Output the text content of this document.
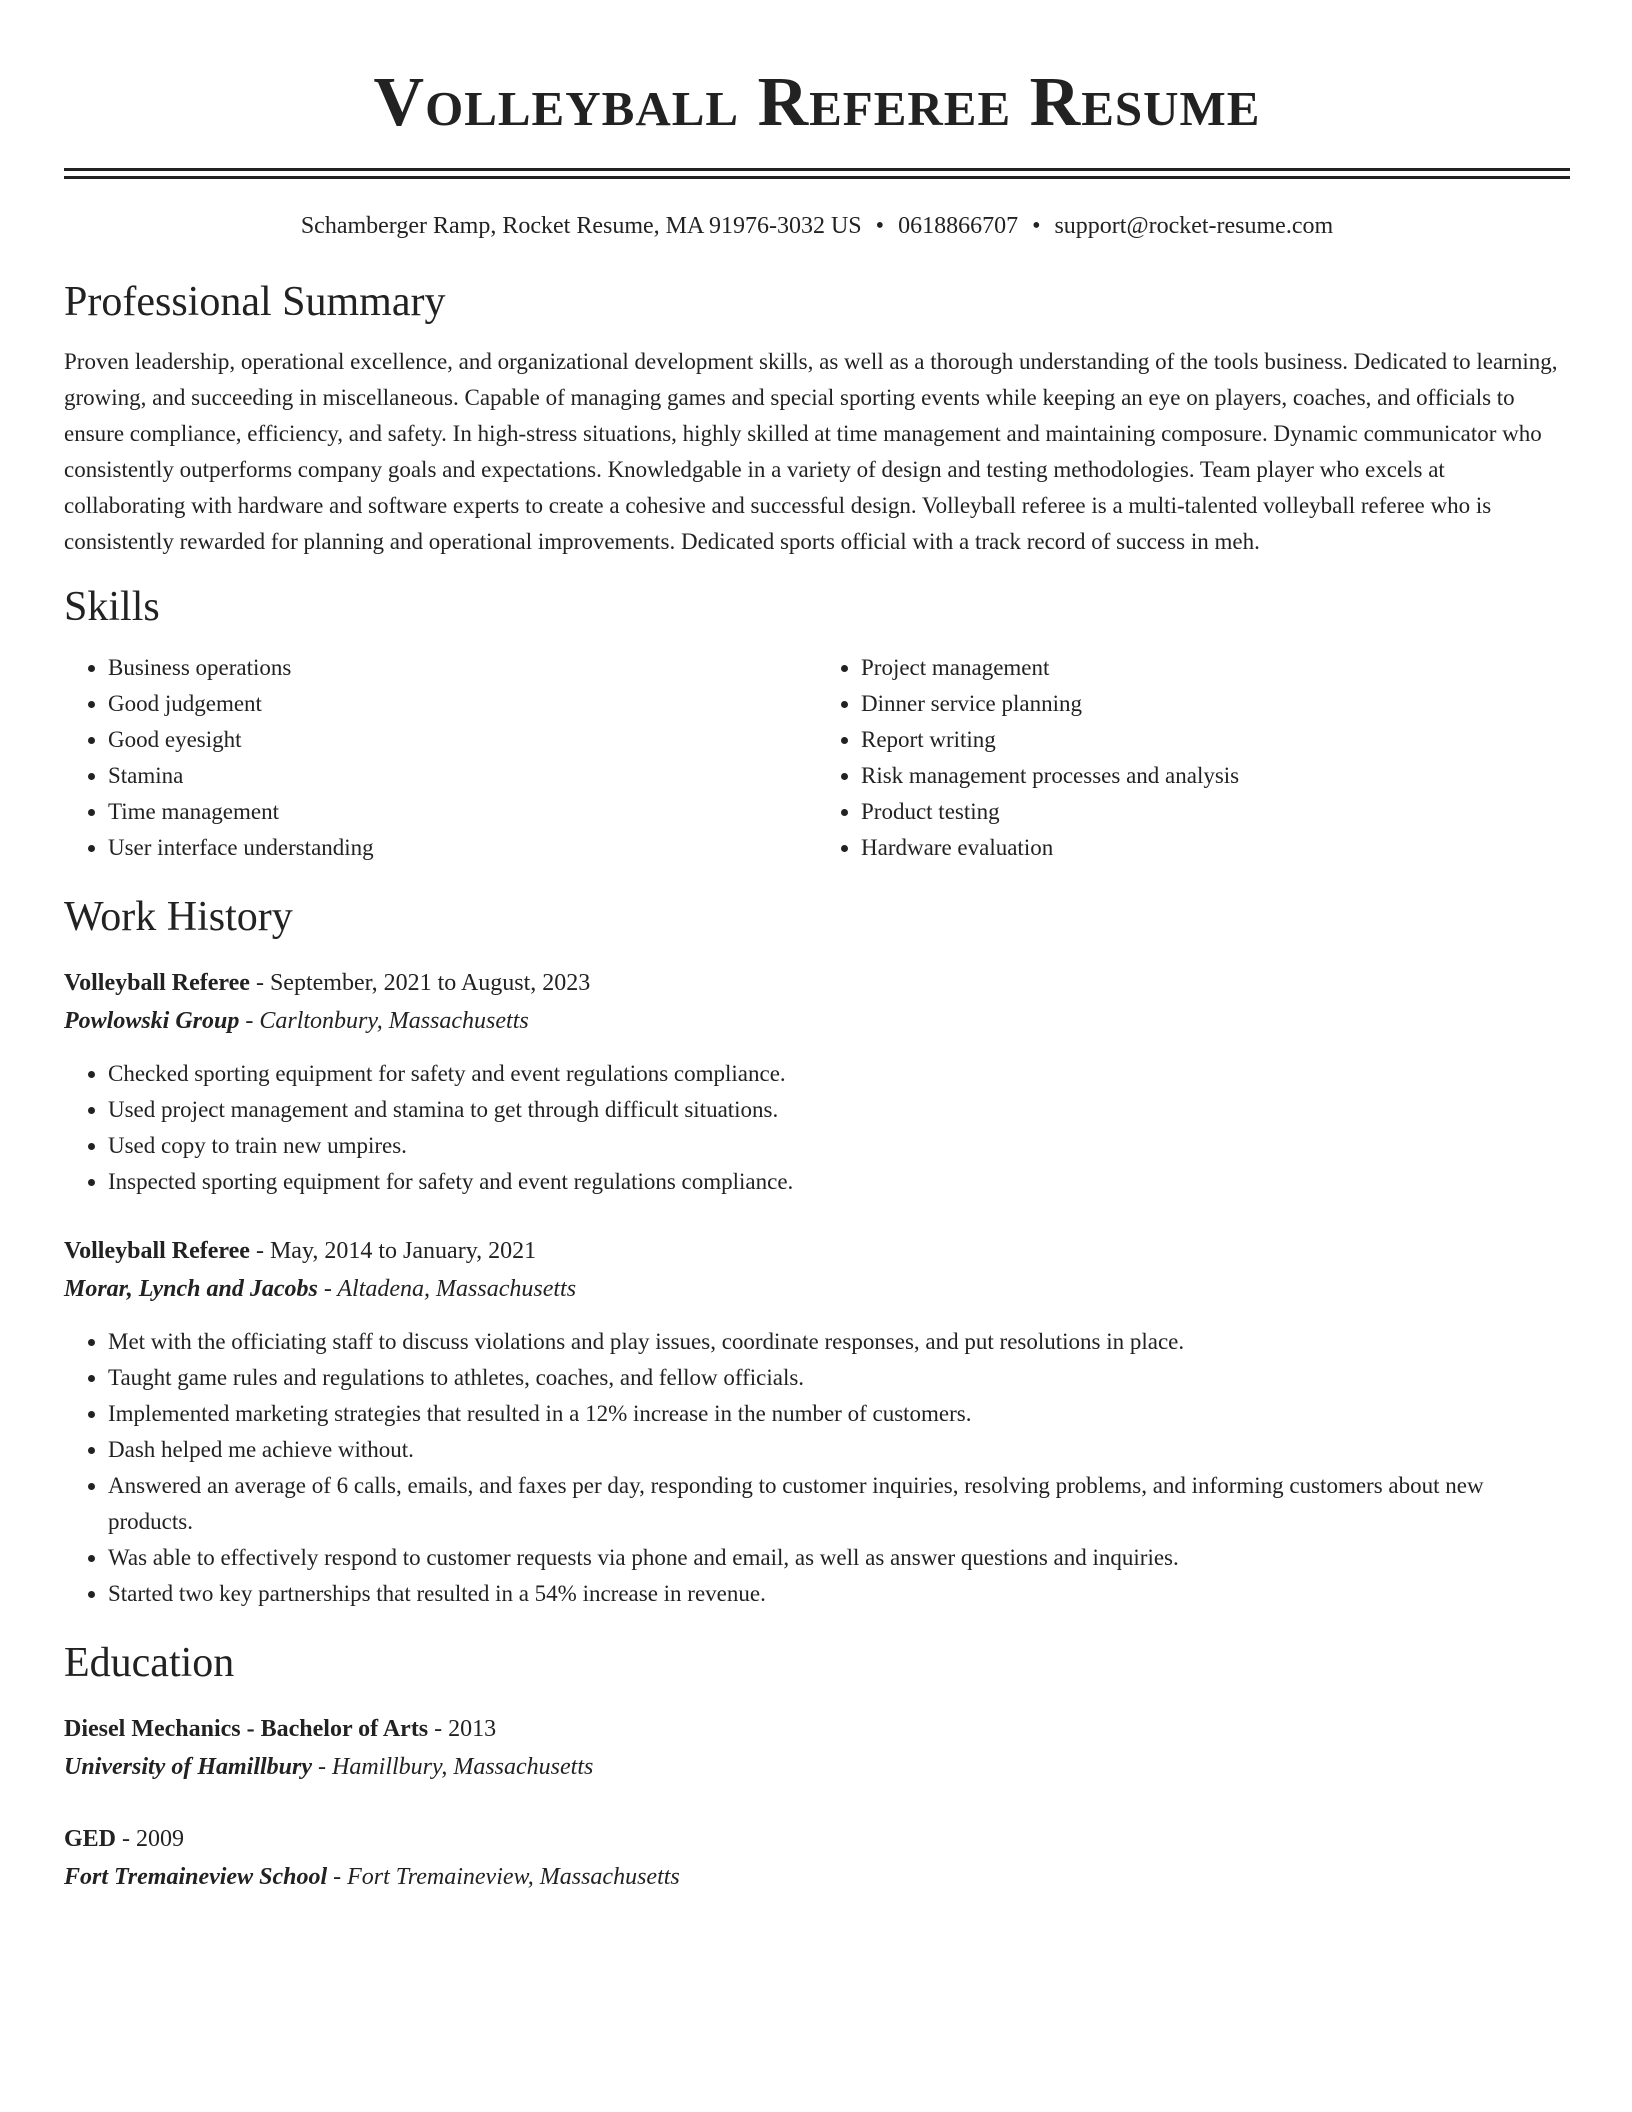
Volleyball Referee Resume
Schamberger Ramp, Rocket Resume, MA 91976-3032 US • 0618866707 • support@rocket-resume.com
Professional Summary
Proven leadership, operational excellence, and organizational development skills, as well as a thorough understanding of the tools business. Dedicated to learning, growing, and succeeding in miscellaneous. Capable of managing games and special sporting events while keeping an eye on players, coaches, and officials to ensure compliance, efficiency, and safety. In high-stress situations, highly skilled at time management and maintaining composure. Dynamic communicator who consistently outperforms company goals and expectations. Knowledgable in a variety of design and testing methodologies. Team player who excels at collaborating with hardware and software experts to create a cohesive and successful design. Volleyball referee is a multi-talented volleyball referee who is consistently rewarded for planning and operational improvements. Dedicated sports official with a track record of success in meh.
Skills
• Business operations
• Good judgement
• Good eyesight
• Stamina
• Time management
• User interface understanding
• Project management
• Dinner service planning
• Report writing
• Risk management processes and analysis
• Product testing
• Hardware evaluation
Work History
Volleyball Referee - September, 2021 to August, 2023
Powlowski Group - Carltonbury, Massachusetts
• Checked sporting equipment for safety and event regulations compliance.
• Used project management and stamina to get through difficult situations.
• Used copy to train new umpires.
• Inspected sporting equipment for safety and event regulations compliance.
Volleyball Referee - May, 2014 to January, 2021
Morar, Lynch and Jacobs - Altadena, Massachusetts
• Met with the officiating staff to discuss violations and play issues, coordinate responses, and put resolutions in place.
• Taught game rules and regulations to athletes, coaches, and fellow officials.
• Implemented marketing strategies that resulted in a 12% increase in the number of customers.
• Dash helped me achieve without.
• Answered an average of 6 calls, emails, and faxes per day, responding to customer inquiries, resolving problems, and informing customers about new products.
• Was able to effectively respond to customer requests via phone and email, as well as answer questions and inquiries.
• Started two key partnerships that resulted in a 54% increase in revenue.
Education
Diesel Mechanics - Bachelor of Arts - 2013
University of Hamillbury - Hamillbury, Massachusetts
GED - 2009
Fort Tremaineview School - Fort Tremaineview, Massachusetts
